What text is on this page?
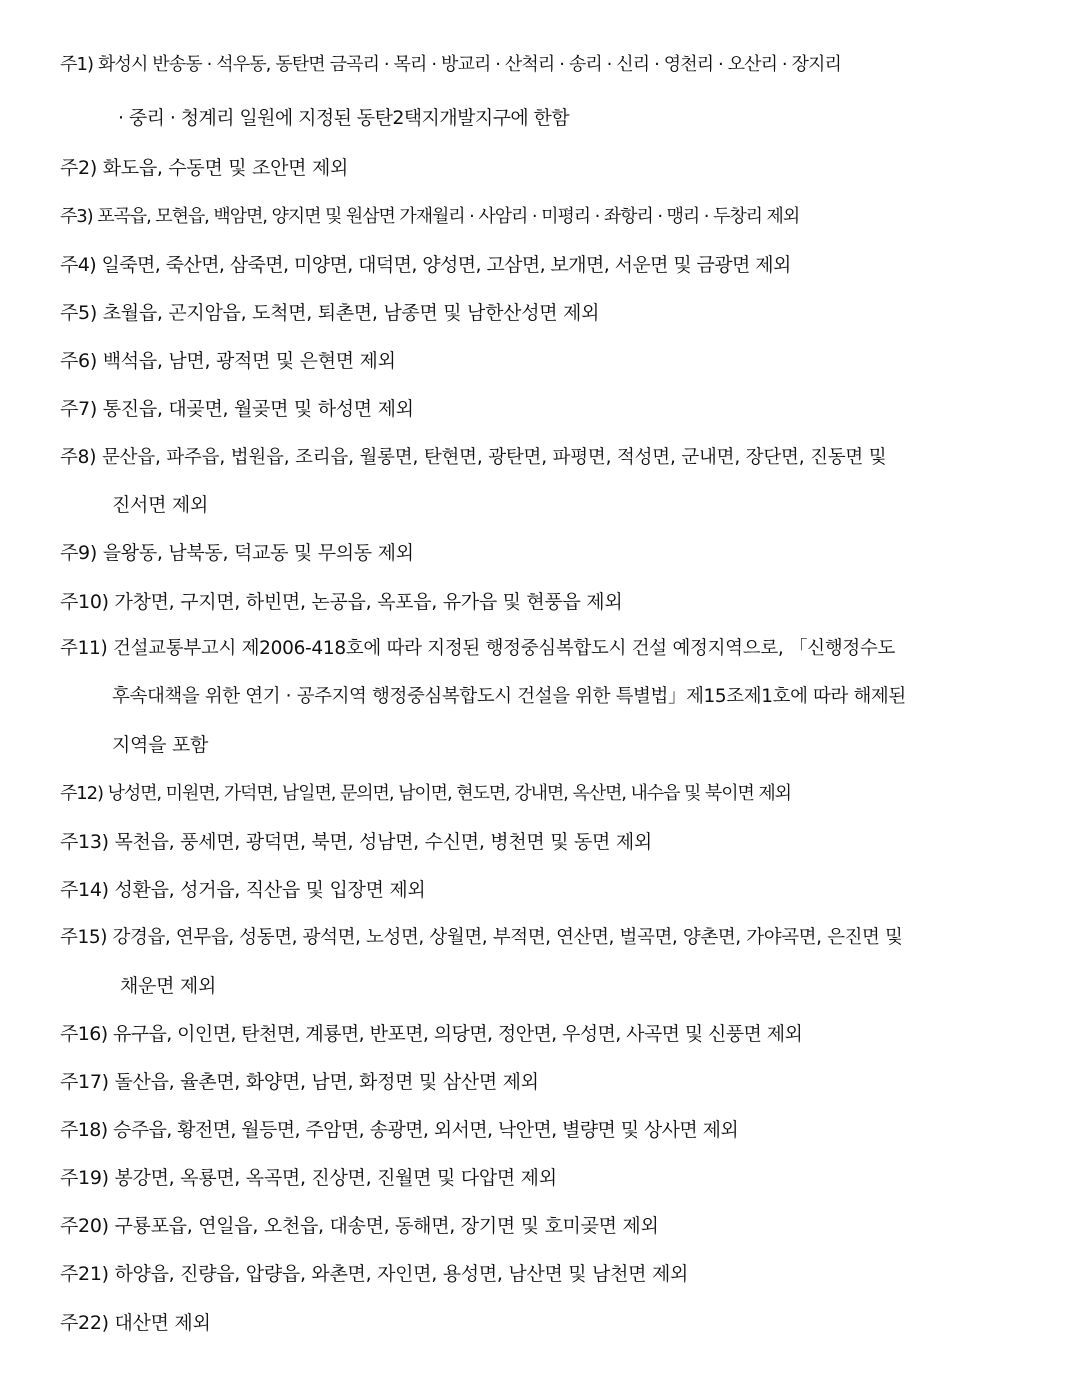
주1) 화성시 반송동 · 석우동, 동탄면 금곡리 · 목리 · 방교리 · 산척리 · 송리 · 신리 · 영천리 · 오산리 · 장지리
· 중리 · 청계리 일원에 지정된 동탄2택지개발지구에 한함
주2) 화도읍, 수동면 및 조안면 제외
주3) 포곡읍, 모현읍, 백암면, 양지면 및 원삼면 가재월리 · 사암리 · 미평리 · 좌항리 · 맹리 · 두창리 제외
주4) 일죽면, 죽산면, 삼죽면, 미양면, 대덕면, 양성면, 고삼면, 보개면, 서운면 및 금광면 제외
주5) 초월읍, 곤지암읍, 도척면, 퇴촌면, 남종면 및 남한산성면 제외
주6) 백석읍, 남면, 광적면 및 은현면 제외
주7) 통진읍, 대곶면, 월곶면 및 하성면 제외
주8) 문산읍, 파주읍, 법원읍, 조리읍, 월롱면, 탄현면, 광탄면, 파평면, 적성면, 군내면, 장단면, 진동면 및
진서면 제외
주9) 을왕동, 남북동, 덕교동 및 무의동 제외
주10) 가창면, 구지면, 하빈면, 논공읍, 옥포읍, 유가읍 및 현풍읍 제외
주11) 건설교통부고시 제2006-418호에 따라 지정된 행정중심복합도시 건설 예정지역으로, 「신행정수도
후속대책을 위한 연기 · 공주지역 행정중심복합도시 건설을 위한 특별법」제15조제1호에 따라 해제된
지역을 포함
주12) 낭성면, 미원면, 가덕면, 남일면, 문의면, 남이면, 현도면, 강내면, 옥산면, 내수읍 및 북이면 제외
주13) 목천읍, 풍세면, 광덕면, 북면, 성남면, 수신면, 병천면 및 동면 제외
주14) 성환읍, 성거읍, 직산읍 및 입장면 제외
주15) 강경읍, 연무읍, 성동면, 광석면, 노성면, 상월면, 부적면, 연산면, 벌곡면, 양촌면, 가야곡면, 은진면 및
채운면 제외
주16) 유구읍, 이인면, 탄천면, 계룡면, 반포면, 의당면, 정안면, 우성면, 사곡면 및 신풍면 제외
주17) 돌산읍, 율촌면, 화양면, 남면, 화정면 및 삼산면 제외
주18) 승주읍, 황전면, 월등면, 주암면, 송광면, 외서면, 낙안면, 별량면 및 상사면 제외
주19) 봉강면, 옥룡면, 옥곡면, 진상면, 진월면 및 다압면 제외
주20) 구룡포읍, 연일읍, 오천읍, 대송면, 동해면, 장기면 및 호미곶면 제외
주21) 하양읍, 진량읍, 압량읍, 와촌면, 자인면, 용성면, 남산면 및 남천면 제외
주22) 대산면 제외
